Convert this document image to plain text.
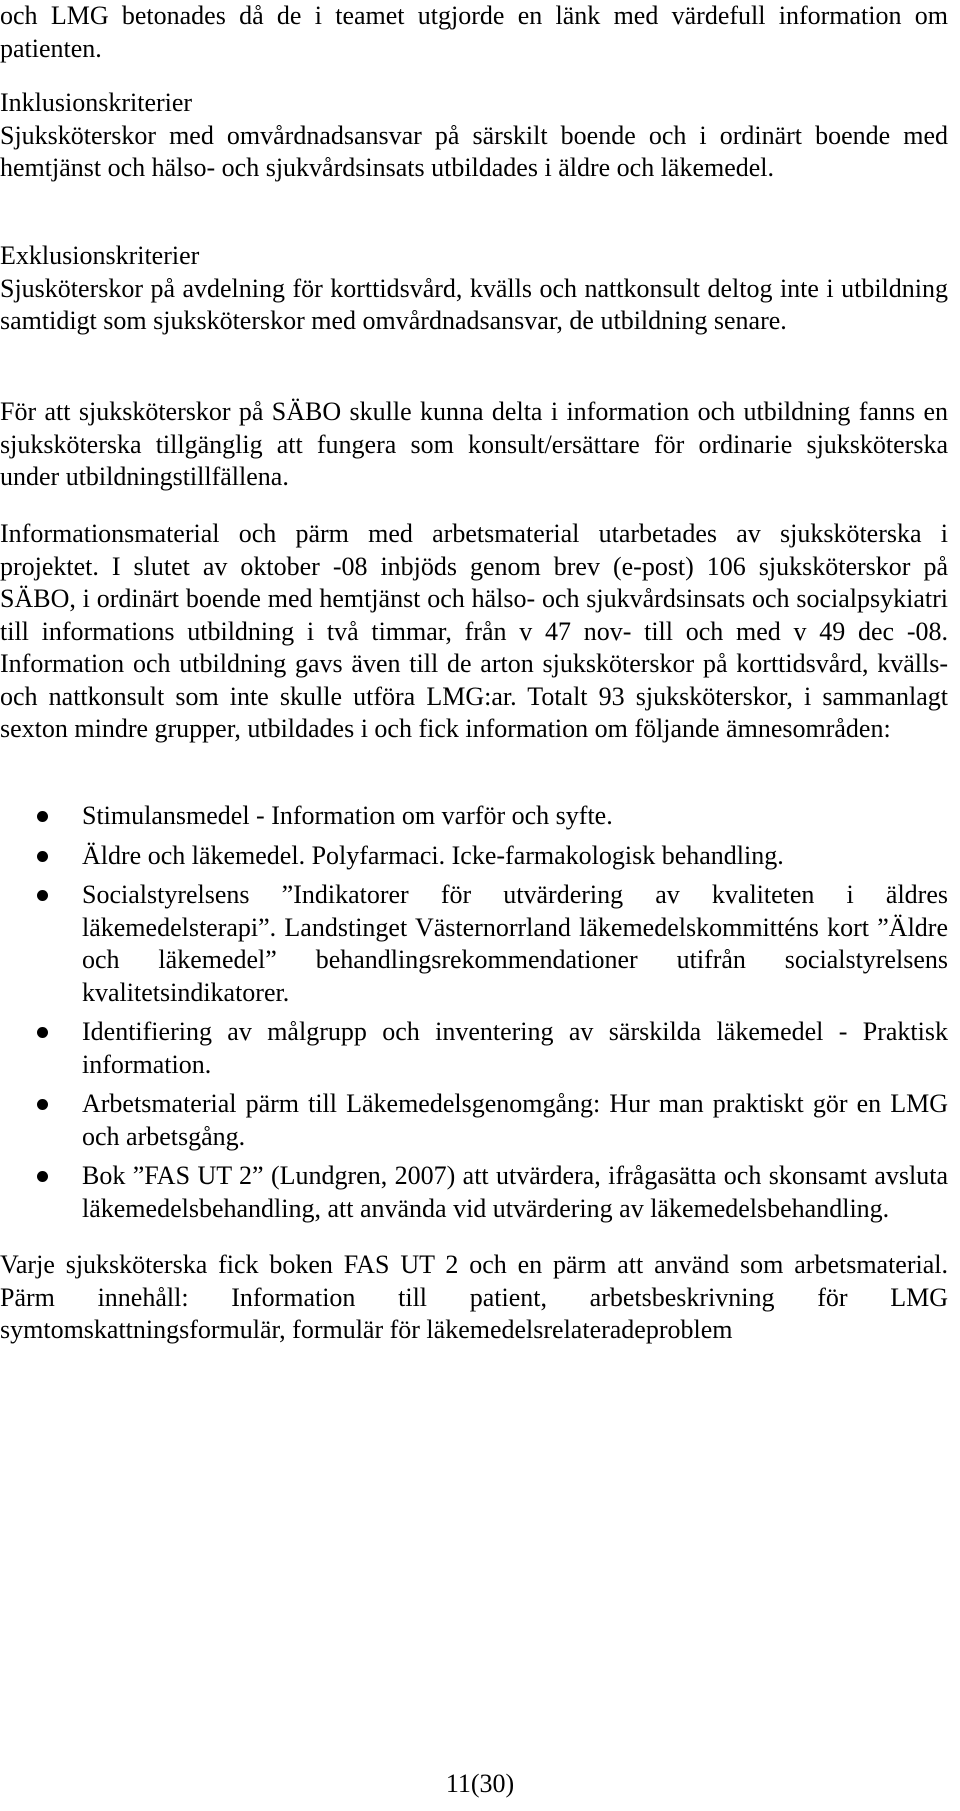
och LMG betonades då de i teamet utgjorde en länk med värdefull information om patienten.

Inklusionskriterier

Sjuksköterskor med omvårdnadsansvar på särskilt boende och i ordinärt boende med hemtjänst och hälso- och sjukvårdsinsats utbildades i äldre och läkemedel.

Exklusionskriterier

Sjusköterskor på avdelning för korttidsvård, kvälls och nattkonsult deltog inte i utbildning samtidigt som sjuksköterskor med omvårdnadsansvar, de utbildning senare.

För att sjuksköterskor på SÄBO skulle kunna delta i information och utbildning fanns en sjuksköterska tillgänglig att fungera som konsult/ersättare för ordinarie sjuksköterska under utbildningstillfällena.

Informationsmaterial och pärm med arbetsmaterial utarbetades av sjuksköterska i projektet. I slutet av oktober -08 inbjöds genom brev (e-post) 106 sjuksköterskor på SÄBO, i ordinärt boende med hemtjänst och hälso- och sjukvårdsinsats och socialpsykiatri till informations utbildning i två timmar, från v 47 nov- till och med v 49 dec -08. Information och utbildning gavs även till de arton sjuksköterskor på korttidsvård, kvälls- och nattkonsult som inte skulle utföra LMG:ar. Totalt 93 sjuksköterskor, i sammanlagt sexton mindre grupper, utbildades i och fick information om följande ämnesområden:

Stimulansmedel - Information om varför och syfte.
Äldre och läkemedel. Polyfarmaci. Icke-farmakologisk behandling.
Socialstyrelsens ”Indikatorer för utvärdering av kvaliteten i äldres läkemedelsterapi”. Landstinget Västernorrland läkemedelskommitténs kort ”Äldre och läkemedel” behandlingsrekommendationer utifrån socialstyrelsens kvalitetsindikatorer.
Identifiering av målgrupp och inventering av särskilda läkemedel - Praktisk information.
Arbetsmaterial pärm till Läkemedelsgenomgång: Hur man praktiskt gör en LMG och arbetsgång.
Bok ”FAS UT 2” (Lundgren, 2007) att utvärdera, ifrågasätta och skonsamt avsluta läkemedelsbehandling, att använda vid utvärdering av läkemedelsbehandling.

Varje sjuksköterska fick boken FAS UT 2 och en pärm att använd som arbetsmaterial. Pärm innehåll: Information till patient, arbetsbeskrivning för LMG symtomskattningsformulär, formulär för läkemedelsrelateradeproblem

11(30)
